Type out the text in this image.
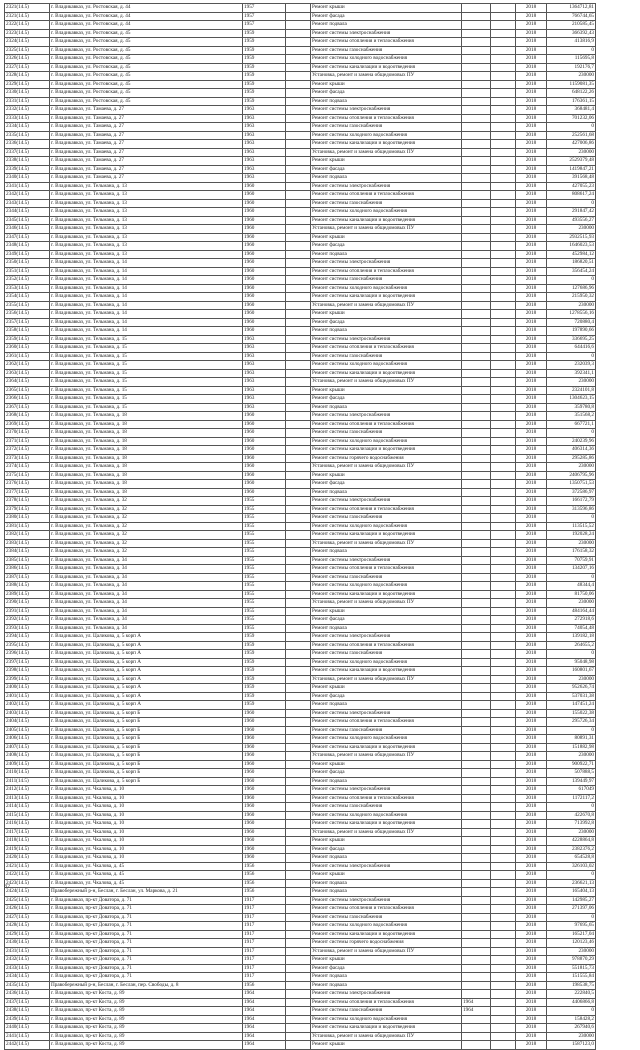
2321(14.5)	г. Владикавказ, ул. Ростовская, д. 44	1957		Ремонт крыши			2018	1364712,81
2321(14.5)	г. Владикавказ, ул. Ростовская, д. 44	1957		Ремонт фасада			2018	766744,65
2322(14.5)	г. Владикавказ, ул. Ростовская, д. 44	1957		Ремонт подвала			2018	210585,45
2323(14.5)	г. Владикавказ, ул. Ростовская, д. 45	1959		Ремонт системы электроснабжения			2018	366392,43
2324(14.5)	г. Владикавказ, ул. Ростовская, д. 45	1959		Ремонт системы отопления и теплоснабжения			2018	413816,9
2325(14.5)	г. Владикавказ, ул. Ростовская, д. 45	1959		Ремонт системы газоснабжения			2018	0
2326(14.5)	г. Владикавказ, ул. Ростовская, д. 45	1959		Ремонт системы холодного водоснабжения			2018	115695,8
2327(14.5)	г. Владикавказ, ул. Ростовская, д. 45	1959		Ремонт системы канализации и водоотведения			2018	192176,7
2328(14.5)	г. Владикавказ, ул. Ростовская, д. 45	1959		Установка, ремонт и замена общедомовых ПУ			2018	230000
2329(14.5)	г. Владикавказ, ул. Ростовская, д. 45	1959		Ремонт крыши			2018	1159081,35
2330(14.5)	г. Владикавказ, ул. Ростовская, д. 45	1959		Ремонт фасада			2018	648122,26
2331(14.5)	г. Владикавказ, ул. Ростовская, д. 45	1959		Ремонт подвала			2018	176361,15
2332(14.5)	г. Владикавказ, ул. Тамаева, д. 27	1963		Ремонт системы электроснабжения			2018	368481,4
2333(14.5)	г. Владикавказ, ул. Тамаева, д. 27	1963		Ремонт системы отопления и теплоснабжения			2018	701232,06
2334(14.5)	г. Владикавказ, ул. Тамаева, д. 27	1963		Ремонт системы газоснабжения			2018	0
2335(14.5)	г. Владикавказ, ул. Тамаева, д. 27	1963		Ремонт системы холодного водоснабжения			2018	252561,68
2336(14.5)	г. Владикавказ, ул. Тамаева, д. 27	1963		Ремонт системы канализации и водоотведения			2018	427006,86
2337(14.5)	г. Владикавказ, ул. Тамаева, д. 27	1963		Установка, ремонт и замена общедомовых ПУ			2018	230000
2338(14.5)	г. Владикавказ, ул. Тамаева, д. 27	1963		Ремонт крыши			2018	2529379,48
2339(14.5)	г. Владикавказ, ул. Тамаева, д. 27	1963		Ремонт фасада			2018	1419847,21
2340(14.5)	г. Владикавказ, ул. Тамаева, д. 27	1963		Ремонт подвала			2018	391568,48
2341(14.5)	г. Владикавказ, ул. Тельмана, д. 13	1960		Ремонт системы электроснабжения			2018	427055,23
2342(14.5)	г. Владикавказ, ул. Тельмана, д. 13	1960		Ремонт системы отопления и теплоснабжения			2018	808617,24
2343(14.5)	г. Владикавказ, ул. Тельмана, д. 13	1960		Ремонт системы газоснабжения			2018	0
2344(14.5)	г. Владикавказ, ул. Тельмана, д. 13	1960		Ремонт системы холодного водоснабжения			2018	291847,42
2345(14.5)	г. Владикавказ, ул. Тельмана, д. 13	1960		Ремонт системы канализации и водоотведения			2018	493556,27
2346(14.5)	г. Владикавказ, ул. Тельмана, д. 13	1960		Установка, ремонт и замена общедомовых ПУ			2018	230000
2347(14.5)	г. Владикавказ, ул. Тельмана, д. 13	1960		Ремонт крыши			2018	2932515,93
2348(14.5)	г. Владикавказ, ул. Тельмана, д. 13	1960		Ремонт фасада			2018	1646023,53
2349(14.5)	г. Владикавказ, ул. Тельмана, д. 13	1960		Ремонт подвала			2018	452984,12
2350(14.5)	г. Владикавказ, ул. Тельмана, д. 14	1960		Ремонт системы электроснабжения			2018	186820,51
2351(14.5)	г. Владикавказ, ул. Тельмана, д. 14	1960		Ремонт системы отопления и теплоснабжения			2018	356454,24
2352(14.5)	г. Владикавказ, ул. Тельмана, д. 14	1960		Ремонт системы газоснабжения			2018	0
2353(14.5)	г. Владикавказ, ул. Тельмана, д. 14	1960		Ремонт системы холодного водоснабжения			2018	127686,96
2354(14.5)	г. Владикавказ, ул. Тельмана, д. 14	1960		Ремонт системы канализации и водоотведения			2018	215950,32
2355(14.5)	г. Владикавказ, ул. Тельмана, д. 14	1960		Установка, ремонт и замена общедомовых ПУ			2018	230000
2356(14.5)	г. Владикавказ, ул. Тельмана, д. 14	1960		Ремонт крыши			2018	1278556,16
2357(14.5)	г. Владикавказ, ул. Тельмана, д. 14	1960		Ремонт фасада			2018	720880,4
2358(14.5)	г. Владикавказ, ул. Тельмана, д. 14	1960		Ремонт подвала			2018	197890,66
2359(14.5)	г. Владикавказ, ул. Тельмана, д. 15	1963		Ремонт системы электроснабжения			2018	336695,25
2360(14.5)	г. Владикавказ, ул. Тельмана, д. 15	1963		Ремонт системы отопления и теплоснабжения			2018	644416,6
2361(14.5)	г. Владикавказ, ул. Тельмана, д. 15	1963		Ремонт системы газоснабжения			2018	0
2362(14.5)	г. Владикавказ, ул. Тельмана, д. 15	1963		Ремонт системы холодного водоснабжения			2018	232039,3
2363(14.5)	г. Владикавказ, ул. Тельмана, д. 15	1963		Ремонт системы канализации и водоотведения			2018	392341,1
2364(14.5)	г. Владикавказ, ул. Тельмана, д. 15	1963		Установка, ремонт и замена общедомовых ПУ			2018	230000
2365(14.5)	г. Владикавказ, ул. Тельмана, д. 15	1963		Ремонт крыши			2018	2324101,8
2366(14.5)	г. Владикавказ, ул. Тельмана, д. 15	1963		Ремонт фасада			2018	1304623,15
2367(14.5)	г. Владикавказ, ул. Тельмана, д. 15	1963		Ремонт подвала			2018	359780,8
2368(14.5)	г. Владикавказ, ул. Тельмана, д. 18	1960		Ремонт системы электроснабжения			2018	351568,2
2369(14.5)	г. Владикавказ, ул. Тельмана, д. 18	1960		Ремонт системы отопления и теплоснабжения			2018	667721,1
2370(14.5)	г. Владикавказ, ул. Тельмана, д. 18	1960		Ремонт системы газоснабжения			2018	0
2371(14.5)	г. Владикавказ, ул. Тельмана, д. 18	1960		Ремонт системы холодного водоснабжения			2018	240239,96
2372(14.5)	г. Владикавказ, ул. Тельмана, д. 18	1960		Ремонт системы канализации и водоотведения			2018	406314,36
2373(14.5)	г. Владикавказ, ул. Тельмана, д. 18	1960		Ремонт системы горячего водоснабжения			2018	295285,86
2374(14.5)	г. Владикавказ, ул. Тельмана, д. 18	1960		Установка, ремонт и замена общедомовых ПУ			2018	230000
2375(14.5)	г. Владикавказ, ул. Тельмана, д. 18	1960		Ремонт крыши			2018	2406795,96
2376(14.5)	г. Владикавказ, ул. Тельмана, д. 18	1960		Ремонт фасада			2018	1350751,53
2377(14.5)	г. Владикавказ, ул. Тельмана, д. 18	1960		Ремонт подвала			2018	372586,97
2378(14.5)	г. Владикавказ, ул. Тельмана, д. 32	1955		Ремонт системы электроснабжения			2018	166172,79
2379(14.5)	г. Владикавказ, ул. Тельмана, д. 32	1955		Ремонт системы отопления и теплоснабжения			2018	313596,86
2380(14.5)	г. Владикавказ, ул. Тельмана, д. 32	1955		Ремонт системы газоснабжения			2018	0
2381(14.5)	г. Владикавказ, ул. Тельмана, д. 32	1955		Ремонт системы холодного водоснабжения			2018	113515,52
2382(14.5)	г. Владикавказ, ул. Тельмана, д. 32	1955		Ремонт системы канализации и водоотведения			2018	192028,24
2383(14.5)	г. Владикавказ, ул. Тельмана, д. 32	1955		Установка, ремонт и замена общедомовых ПУ			2018	230000
2384(14.5)	г. Владикавказ, ул. Тельмана, д. 32	1955		Ремонт подвала			2018	176158,32
2385(14.5)	г. Владикавказ, ул. Тельмана, д. 34	1955		Ремонт системы электроснабжения			2018	70759,91
2386(14.5)	г. Владикавказ, ул. Тельмана, д. 34	1955		Ремонт системы отопления и теплоснабжения			2018	134207,16
2387(14.5)	г. Владикавказ, ул. Тельмана, д. 34	1955		Ремонт системы газоснабжения			2018	0
2388(14.5)	г. Владикавказ, ул. Тельмана, д. 34	1955		Ремонт системы холодного водоснабжения			2018	48344,4
2389(14.5)	г. Владикавказ, ул. Тельмана, д. 34	1955		Ремонт системы канализации и водоотведения			2018	81750,06
2390(14.5)	г. Владикавказ, ул. Тельмана, д. 34	1955		Установка, ремонт и замена общедомовых ПУ			2018	230000
2391(14.5)	г. Владикавказ, ул. Тельмана, д. 34	1955		Ремонт крыши			2018	484164,44
2392(14.5)	г. Владикавказ, ул. Тельмана, д. 34	1955		Ремонт фасада			2018	272918,6
2393(14.5)	г. Владикавказ, ул. Тельмана, д. 34	1955		Ремонт подвала			2018	74054,48
2394(14.5)	г. Владикавказ, ул. Цаликова, д. 5 корп А	1959		Ремонт системы электроснабжения			2018	139182,18
2395(14.5)	г. Владикавказ, ул. Цаликова, д. 5 корп А	1959		Ремонт системы отопления и теплоснабжения			2018	264655,2
2396(14.5)	г. Владикавказ, ул. Цаликова, д. 5 корп А	1959		Ремонт системы газоснабжения			2018	0
2397(14.5)	г. Владикавказ, ул. Цаликова, д. 5 корп А	1959		Ремонт системы холодного водоснабжения			2018	95048,98
2398(14.5)	г. Владикавказ, ул. Цаликова, д. 5 корп А	1959		Ремонт системы канализации и водоотведения			2018	160801,67
2399(14.5)	г. Владикавказ, ул. Цаликова, д. 5 корп А	1959		Установка, ремонт и замена общедомовых ПУ			2018	230000
2400(14.5)	г. Владикавказ, ул. Цаликова, д. 5 корп А	1959		Ремонт крыши			2018	952626,74
2401(14.5)	г. Владикавказ, ул. Цаликова, д. 5 корп А	1959		Ремонт фасада			2018	537031,38
2402(14.5)	г. Владикавказ, ул. Цаликова, д. 5 корп А	1959		Ремонт подвала			2018	147451,24
2403(14.5)	г. Владикавказ, ул. Цаликова, д. 5 корп Б	1960		Ремонт системы электроснабжения			2018	155022,38
2404(14.5)	г. Владикавказ, ул. Цаликова, д. 5 корп Б	1960		Ремонт системы отопления и теплоснабжения			2018	295726,34
2405(14.5)	г. Владикавказ, ул. Цаликова, д. 5 корп Б	1960		Ремонт системы газоснабжения			2018	0
2406(14.5)	г. Владикавказ, ул. Цаликова, д. 5 корп Б	1960		Ремонт системы холодного водоснабжения			2018	80891,31
2407(14.5)	г. Владикавказ, ул. Цаликова, д. 5 корп Б	1960		Ремонт системы канализации и водоотведения			2018	151882,98
2408(14.5)	г. Владикавказ, ул. Цаликова, д. 5 корп Б	1960		Установка, ремонт и замена общедомовых ПУ			2018	230000
2409(14.5)	г. Владикавказ, ул. Цаликова, д. 5 корп Б	1960		Ремонт крыши			2018	900922,71
2410(14.5)	г. Владикавказ, ул. Цаликова, д. 5 корп Б	1960		Ремонт фасада			2018	507888,5
2411(14.5)	г. Владикавказ, ул. Цаликова, д. 5 корп Б	1960		Ремонт подвала			2018	139449,97
2412(14.5)	г. Владикавказ, ул. Чкалова, д. 10	1960		Ремонт системы электроснабжения			2018	617049
2413(14.5)	г. Владикавказ, ул. Чкалова, д. 10	1960		Ремонт системы отопления и теплоснабжения			2018	1172117,2
2414(14.5)	г. Владикавказ, ул. Чкалова, д. 10	1960		Ремонт системы газоснабжения			2018	0
2415(14.5)	г. Владикавказ, ул. Чкалова, д. 10	1960		Ремонт системы холодного водоснабжения			2018	422670,8
2416(14.5)	г. Владикавказ, ул. Чкалова, д. 10	1960		Ремонт системы канализации и водоотведения			2018	713992,8
2417(14.5)	г. Владикавказ, ул. Чкалова, д. 10	1960		Установка, ремонт и замена общедомовых ПУ			2018	230000
2418(14.5)	г. Владикавказ, ул. Чкалова, д. 10	1960		Ремонт крыши			2018	4228864,8
2419(14.5)	г. Владикавказ, ул. Чкалова, д. 10	1960		Ремонт фасада			2018	2382376,2
2420(14.5)	г. Владикавказ, ул. Чкалова, д. 10	1960		Ремонт подвала			2018	654528,8
2421(14.5)	г. Владикавказ, ул. Чкалова, д. 45	1956		Ремонт системы электроснабжения			2018	326103,02
2422(14.5)	г. Владикавказ, ул. Чкалова, д. 45	1956		Ремонт крыши			2018	0
2423(14.5)	г. Владикавказ, ул. Чкалова, д. 45	1956		Ремонт подвала			2018	236621,13
2424(14.5)	Правобережный р-н, Беслан, г. Беслан, ул. Маркова, д. 21	1956		Ремонт подвала			2018	165404,13
2425(14.5)	г. Владикавказ, пр-кт Доватора, д. 71	1917		Ремонт системы электроснабжения			2018	142985,27
2426(14.5)	г. Владикавказ, пр-кт Доватора, д. 71	1917		Ремонт системы отопления и теплоснабжения			2018	271397,06
2427(14.5)	г. Владикавказ, пр-кт Доватора, д. 71	1917		Ремонт системы газоснабжения			2018	0
2428(14.5)	г. Владикавказ, пр-кт Доватора, д. 71	1917		Ремонт системы холодного водоснабжения			2018	97695,65
2429(14.5)	г. Владикавказ, пр-кт Доватора, д. 71	1917		Ремонт системы канализации и водоотведения			2018	165217,04
2430(14.5)	г. Владикавказ, пр-кт Доватора, д. 71	1917		Ремонт системы горячего водоснабжения			2018	120123,46
2431(14.5)	г. Владикавказ, пр-кт Доватора, д. 71	1917		Установка, ремонт и замена общедомовых ПУ			2018	230000
2432(14.5)	г. Владикавказ, пр-кт Доватора, д. 71	1917		Ремонт крыши			2018	978870,29
2433(14.5)	г. Владикавказ, пр-кт Доватора, д. 71	1917		Ремонт фасада			2018	551815,73
2434(14.5)	г. Владикавказ, пр-кт Доватора, д. 71	1917		Ремонт подвала			2018	151555,84
2435(14.5)	Правобережный р-н, Беслан, г. Беслан, пер. Свободы, д. 8	1956		Ремонт подвала			2018	198538,75
2436(14.5)	г. Владикавказ, пр-кт Коста, д. 89	1964		Ремонт системы электроснабжения			2018	222840,5
2437(14.5)	г. Владикавказ, пр-кт Коста, д. 89	1964		Ремонт системы отопления и теплоснабжения	1964		2018	4406866,8
2438(14.5)	г. Владикавказ, пр-кт Коста, д. 89	1964		Ремонт системы газоснабжения	1964		2018	0
2439(14.5)	г. Владикавказ, пр-кт Коста, д. 89	1964		Ремонт системы холодного водоснабжения			2018	158428,2
2440(14.5)	г. Владикавказ, пр-кт Коста, д. 89	1964		Ремонт системы канализации и водоотведения			2018	267940,6
2441(14.5)	г. Владикавказ, пр-кт Коста, д. 89	1964		Установка, ремонт и замена общедомовых ПУ			2018	230000
2442(14.5)	г. Владикавказ, пр-кт Коста, д. 89	1964		Ремонт крыши			2018	1587123,0
82
